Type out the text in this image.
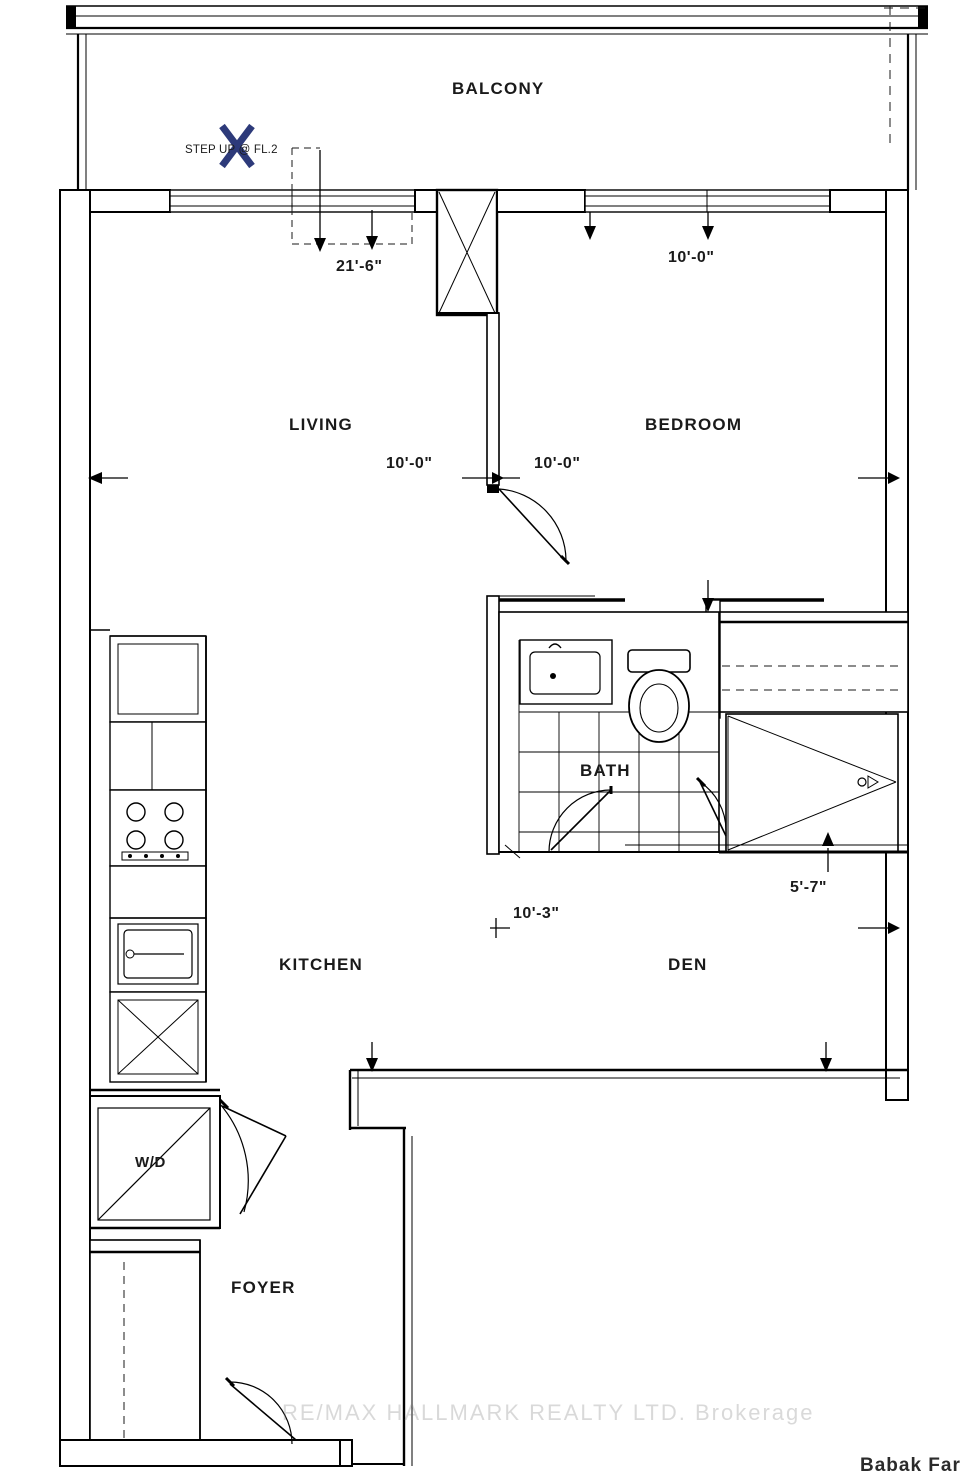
BALCONY
LIVING	BEDROOM
BATH
KITCHEN	DEN
FOYER
W/D
21'-6"
10'-0"
10'-0"	10'-0"
5'-7"
10'-3"
STEP UP @ FL.2
RE/MAX HALLMARK REALTY LTD. Brokerage
Babak Far
